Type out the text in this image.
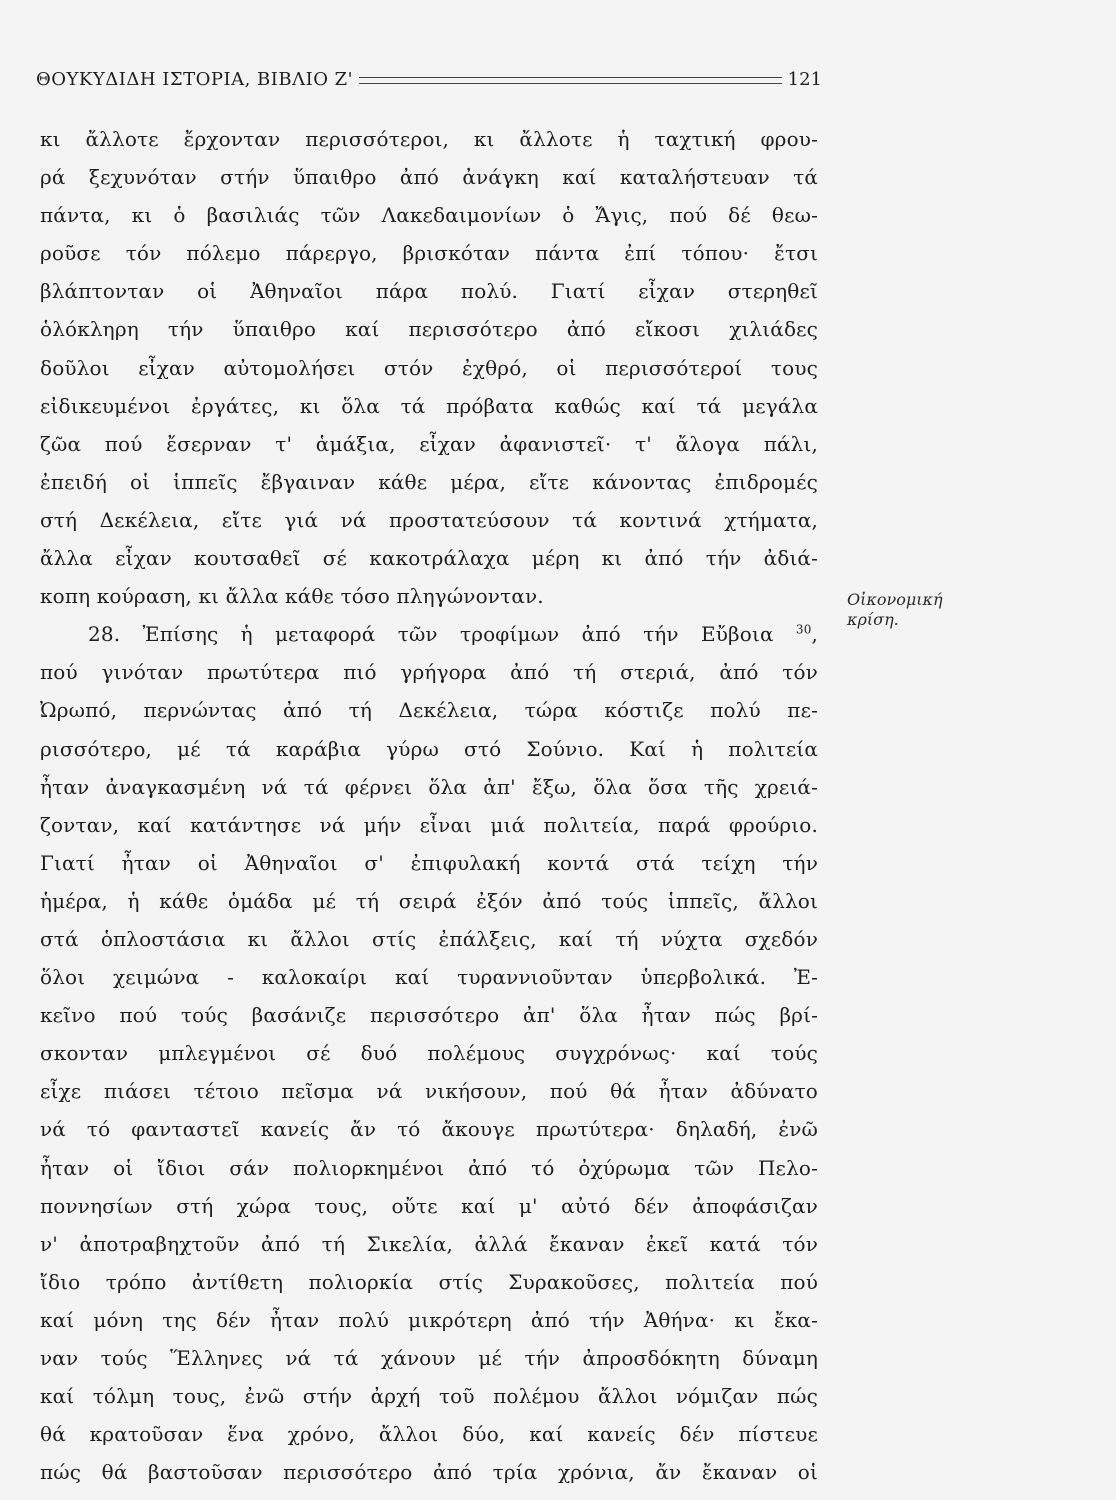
ΘΟΥΚΥΔΙΔΗ ΙΣΤΟΡΙΑ, ΒΙΒΛΙΟ Ζ'	121
κι ἄλλοτε ἔρχονταν περισσότεροι, κι ἄλλοτε ἡ ταχτική φρου-
ρά ξεχυνόταν στήν ὕπαιθρο ἀπό ἀνάγκη καί καταλήστευαν τά
πάντα, κι ὁ βασιλιάς τῶν Λακεδαιμονίων ὁ Ἄγις, πού δέ θεω-
ροῦσε τόν πόλεμο πάρεργο, βρισκόταν πάντα ἐπί τόπου· ἔτσι
βλάπτονταν οἱ Ἀθηναῖοι πάρα πολύ. Γιατί εἶχαν στερηθεῖ
ὁλόκληρη τήν ὕπαιθρο καί περισσότερο ἀπό εἴκοσι χιλιάδες
δοῦλοι εἶχαν αὐτομολήσει στόν ἐχθρό, οἱ περισσότεροί τους
εἰδικευμένοι ἐργάτες, κι ὅλα τά πρόβατα καθώς καί τά μεγάλα
ζῶα πού ἔσερναν τ' ἁμάξια, εἶχαν ἀφανιστεῖ· τ' ἄλογα πάλι,
ἐπειδή οἱ ἱππεῖς ἔβγαιναν κάθε μέρα, εἴτε κάνοντας ἐπιδρομές
στή Δεκέλεια, εἴτε γιά νά προστατεύσουν τά κοντινά χτήματα,
ἄλλα εἶχαν κουτσαθεῖ σέ κακοτράλαχα μέρη κι ἀπό τήν ἀδιά-
κοπη κούραση, κι ἄλλα κάθε τόσο πληγώνονταν.
28. Ἐπίσης ἡ μεταφορά τῶν τροφίμων ἀπό τήν Εὔβοια $^{30}$,
πού γινόταν πρωτύτερα πιό γρήγορα ἀπό τή στεριά, ἀπό τόν
Ὠρωπό, περνώντας ἀπό τή Δεκέλεια, τώρα κόστιζε πολύ πε-
ρισσότερο, μέ τά καράβια γύρω στό Σούνιο. Καί ἡ πολιτεία
ἦταν ἀναγκασμένη νά τά φέρνει ὅλα ἀπ' ἔξω, ὅλα ὅσα τῆς χρειά-
ζονταν, καί κατάντησε νά μήν εἶναι μιά πολιτεία, παρά φρούριο.
Γιατί ἦταν οἱ Ἀθηναῖοι σ' ἐπιφυλακή κοντά στά τείχη τήν
ἡμέρα, ἡ κάθε ὁμάδα μέ τή σειρά ἐξόν ἀπό τούς ἱππεῖς, ἄλλοι
στά ὁπλοστάσια κι ἄλλοι στίς ἐπάλξεις, καί τή νύχτα σχεδόν
ὅλοι χειμώνα - καλοκαίρι καί τυραννιοῦνταν ὑπερβολικά. Ἐ-
κεῖνο πού τούς βασάνιζε περισσότερο ἀπ' ὅλα ἦταν πώς βρί-
σκονταν μπλεγμένοι σέ δυό πολέμους συγχρόνως· καί τούς
εἶχε πιάσει τέτοιο πεῖσμα νά νικήσουν, πού θά ἦταν ἀδύνατο
νά τό φανταστεῖ κανείς ἄν τό ἄκουγε πρωτύτερα· δηλαδή, ἐνῶ
ἦταν οἱ ἴδιοι σάν πολιορκημένοι ἀπό τό ὀχύρωμα τῶν Πελο-
ποννησίων στή χώρα τους, οὔτε καί μ' αὐτό δέν ἀποφάσιζαν
ν' ἀποτραβηχτοῦν ἀπό τή Σικελία, ἀλλά ἔκαναν ἐκεῖ κατά τόν
ἴδιο τρόπο ἀντίθετη πολιορκία στίς Συρακοῦσες, πολιτεία πού
καί μόνη της δέν ἦταν πολύ μικρότερη ἀπό τήν Ἀθήνα· κι ἔκα-
ναν τούς Ἕλληνες νά τά χάνουν μέ τήν ἀπροσδόκητη δύναμη
καί τόλμη τους, ἐνῶ στήν ἀρχή τοῦ πολέμου ἄλλοι νόμιζαν πώς
θά κρατοῦσαν ἕνα χρόνο, ἄλλοι δύο, καί κανείς δέν πίστευε
πώς θά βαστοῦσαν περισσότερο ἀπό τρία χρόνια, ἄν ἔκαναν οἱ
Οἰκονομική κρίση.
